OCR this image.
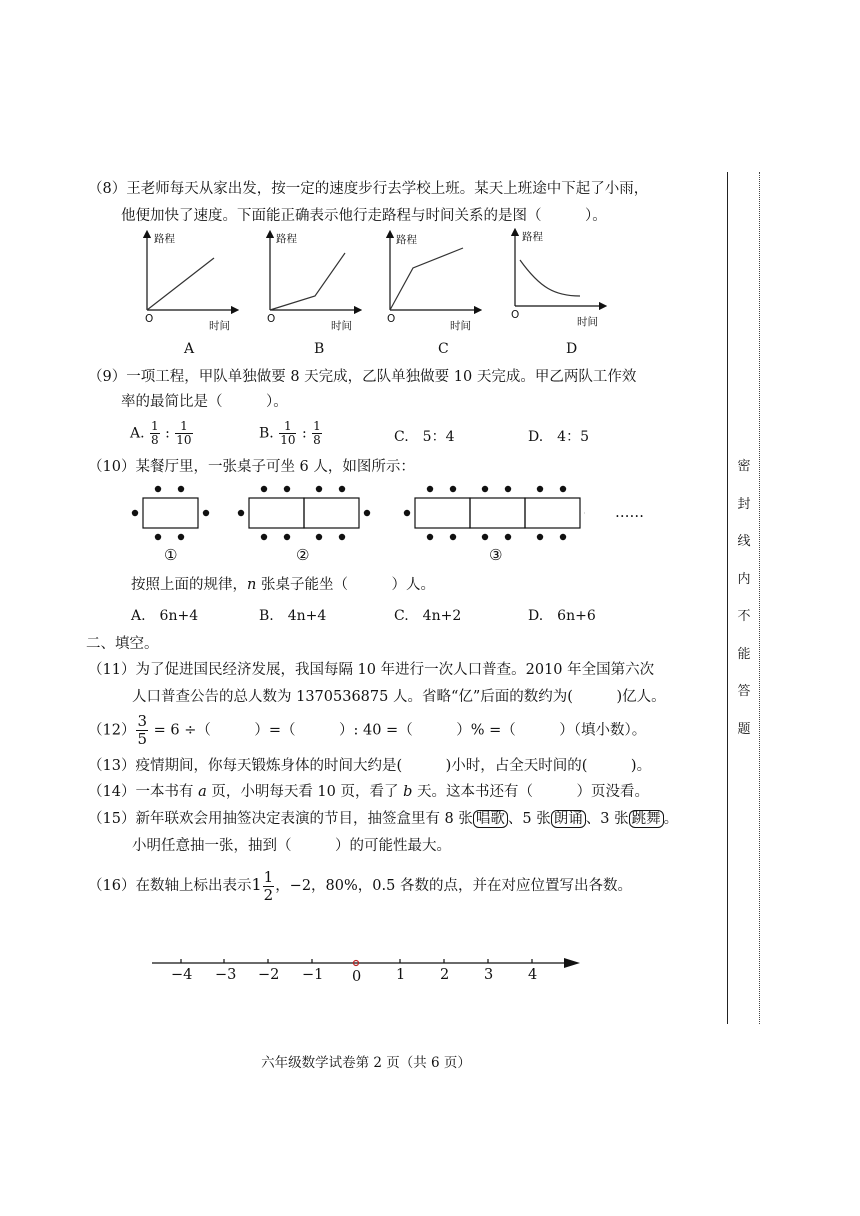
（8）王老师每天从家出发，按一定的速度步行去学校上班。某天上班途中下起了小雨，
他便加快了速度。下面能正确表示他行走路程与时间关系的是图（　　　）。
路程
时间
O
路程
时间
O
路程
时间
O
路程
时间
O
A	B	C	D
（9）一项工程，甲队单独做要 8 天完成，乙队单独做要 10 天完成。甲乙两队工作效
率的最简比是（　　　）。
A. $\frac{1}{8}$ : $\frac{1}{10}$	B. $\frac{1}{10}$ : $\frac{1}{8}$	C.　5：4	D.　4：5
（10）某餐厅里，一张桌子可坐 6 人，如图所示：
……
①	②	③
按照上面的规律，n 张桌子能坐（　　　）人。
A.　6n+4	B.　4n+4	C.　4n+2	D.　6n+6
二、填空。
（11）为了促进国民经济发展，我国每隔 10 年进行一次人口普查。2010 年全国第六次
人口普查公告的总人数为 1370536875 人。省略“亿”后面的数约为(　　　)亿人。
$(12) \frac{3}{5} = 6$ ÷（　　　）=（　　　）: 40 =（　　　）% =（　　　）（填小数）。
（13）疫情期间，你每天锻炼身体的时间大约是(　　　)小时，占全天时间的(　　　)。
（14）一本书有 a 页，小明每天看 10 页，看了 b 天。这本书还有（　　　）页没看。
（15）新年联欢会用抽签决定表演的节目，抽签盒里有 8 张 唱歌 、5 张 朗诵 、3 张 跳舞 。
小明任意抽一张，抽到（　　　）的可能性最大。
（16）在数轴上标出表示$1 \frac{1}{2}$ ，−2，80%，0.5 各数的点，并在对应位置写出各数。
−4 −3 −2 −1 0 1 2 3 4
密
封
线
内
不
能
答
题
六年级数学试卷第 2 页（共 6 页）
